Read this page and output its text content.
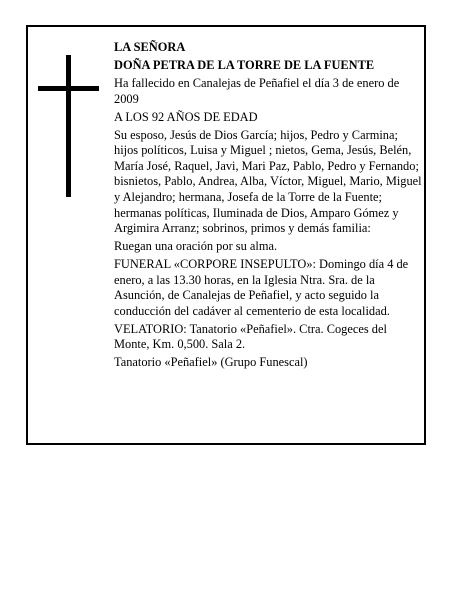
LA SEÑORA

DOÑA PETRA DE LA TORRE DE LA FUENTE

Ha fallecido en Canalejas de Peñafiel el día 3 de enero de 2009

A LOS 92 AÑOS DE EDAD

Su esposo, Jesús de Dios García; hijos, Pedro y Carmina; hijos políticos, Luisa y Miguel ; nietos, Gema, Jesús, Belén, María José, Raquel, Javi, Mari Paz, Pablo, Pedro y Fernando; bisnietos, Pablo, Andrea, Alba, Víctor, Miguel, Mario, Miguel y Alejandro; hermana, Josefa de la Torre de la Fuente; hermanas políticas, Iluminada de Dios, Amparo Gómez y Argimira Arranz; sobrinos, primos y demás familia:

Ruegan una oración por su alma.

FUNERAL «CORPORE INSEPULTO»: Domingo día 4 de enero, a las 13.30 horas, en la Iglesia Ntra. Sra. de la Asunción, de Canalejas de Peñafiel, y acto seguido la conducción del cadáver al cementerio de esta localidad.

VELATORIO: Tanatorio «Peñafiel». Ctra. Cogeces del Monte, Km. 0,500. Sala 2.

Tanatorio «Peñafiel» (Grupo Funescal)
